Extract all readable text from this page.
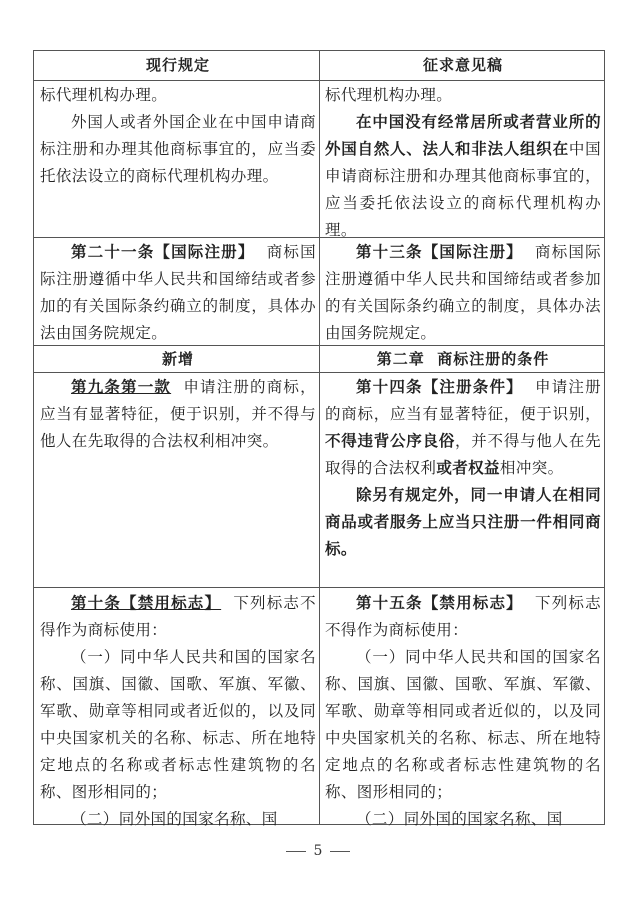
现行规定	征求意见稿

标代理机构办理。

外国人或者外国企业在中国申请商标注册和办理其他商标事宜的，应当委托依法设立的商标代理机构办理。

标代理机构办理。

在中国没有经常居所或者营业所的外国自然人、法人和非法人组织在中国申请商标注册和办理其他商标事宜的，应当委托依法设立的商标代理机构办理。

第二十一条【国际注册】 商标国际注册遵循中华人民共和国缔结或者参加的有关国际条约确立的制度，具体办法由国务院规定。

第十三条【国际注册】 商标国际注册遵循中华人民共和国缔结或者参加的有关国际条约确立的制度，具体办法由国务院规定。

新增	第二章  商标注册的条件

第九条第一款 申请注册的商标，应当有显著特征，便于识别，并不得与他人在先取得的合法权利相冲突。

第十四条【注册条件】 申请注册的商标，应当有显著特征，便于识别，不得违背公序良俗，并不得与他人在先取得的合法权利或者权益相冲突。

除另有规定外，同一申请人在相同商品或者服务上应当只注册一件相同商标。

第十条【禁用标志】 下列标志不得作为商标使用：

（一）同中华人民共和国的国家名称、国旗、国徽、国歌、军旗、军徽、军歌、勋章等相同或者近似的，以及同中央国家机关的名称、标志、所在地特定地点的名称或者标志性建筑物的名称、图形相同的；

（二）同外国的国家名称、国

第十五条【禁用标志】 下列标志不得作为商标使用：

（一）同中华人民共和国的国家名称、国旗、国徽、国歌、军旗、军徽、军歌、勋章等相同或者近似的，以及同中央国家机关的名称、标志、所在地特定地点的名称或者标志性建筑物的名称、图形相同的；

（二）同外国的国家名称、国

5
